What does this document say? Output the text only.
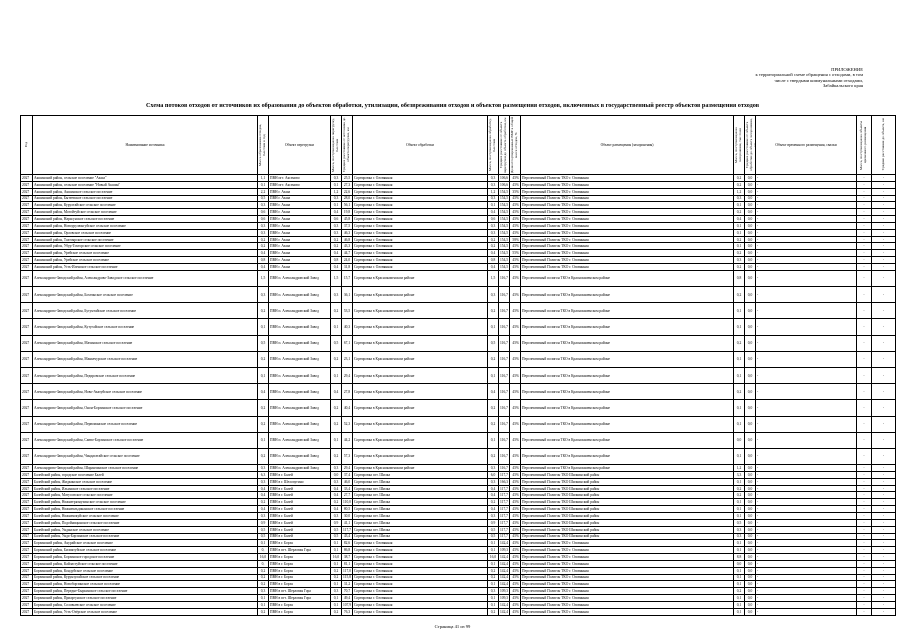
ПРИЛОЖЕНИЕ
к территориальной схеме обращения с отходами, в том
числе с твердыми коммунальными отходами,
Забайкальского края
Схема потоков отходов от источников их образования до объектов обработки, утилизации, обезвреживания отходов и объектов размещения отходов, включенных в государственный реестр объектов размещения отходов
Год	Наименование источника	Масса образования отходов, тыс.тонн в год	Объект перегрузки	Масса, поступающая на перегрузку, тыс.тонн	Среднее расстояние от источника до объекта перегрузки, км	Объект обработки	Масса, поступающая на обработку, тыс.тонн	Среднее расстояние от объекта перегрузки до объекта обработки, км	Доля отсортированных ВМР в общей массе отходов, %	Объект размещения (захоронения)	Масса, поступающая на захоронение, тыс.тонн	Среднее расстояние от объекта обработки до объекта захоронения, км	Объект временного размещения, свалки	Масса, поступающая на объекты временного размещения	Среднее расстояние до объекта, км
2027	Акшинский район, сельское поселение "Акша"	1,1	ПВН пгт. Аксеново	0,3	25,5	Сортировка г. Оловянная	0,3	106,6	45%	Перспективный Полигон ТКО г. Оловянная	0,2	0,0	-	-	-
2027	Акшинский район, сельское поселение "Новый Акшин"	0,1	ПВН пгт. Аксеново	0,1	27,3	Сортировка г. Оловянная	0,3	106,6	45%	Перспективный Полигон ТКО г. Оловянная	0,2	0,0	-	-	-
2027	Акшинский район, Акшинское сельское поселение	2,2	ПВН г. Акша	1,2	22,6	Сортировка г. Оловянная	1,2	154,5	35%	Перспективный Полигон ТКО г. Оловянная	1,2	0,0	-	-	-
2027	Акшинский район, Бытеевское сельское поселение	0,5	ПВН г. Акша	0,3	28,0	Сортировка г. Оловянная	0,3	154,5	45%	Перспективный Полигон ТКО г. Оловянная	0,3	0,0	-	-	-
2027	Акшинский район, Курултайское сельское поселение	0,3	ПВН г. Акша	0,1	56,1	Сортировка г. Оловянная	0,1	154,5	45%	Перспективный Полигон ТКО г. Оловянная	0,1	0,0	-	-	-
2027	Акшинский район, Могойтуйское сельское поселение	0,6	ПВН г. Акша	0,4	19,8	Сортировка г. Оловянная	0,4	154,5	45%	Перспективный Полигон ТКО г. Оловянная	0,2	0,0	-	-	-
2027	Акшинский район, Нарасунское сельское поселение	0,6	ПВН г. Акша	0,6	45,8	Сортировка г. Оловянная	0,6	154,5	45%	Перспективный Полигон ТКО г. Оловянная	0,4	0,0	-	-	-
2027	Акшинский район, Новоурулюнгуйское сельское поселение	0,3	ПВН г. Акша	0,3	37,5	Сортировка г. Оловянная	0,3	154,5	45%	Перспективный Полигон ТКО г. Оловянная	0,1	0,0	-	-	-
2027	Акшинский район, Орловское сельское поселение	0,3	ПВН г. Акша	0,3	46,3	Сортировка г. Оловянная	0,3	154,5	45%	Перспективный Полигон ТКО г. Оловянная	0,1	0,0	-	-	-
2027	Акшинский район, Тахтоярское сельское поселение	0,2	ПВН г. Акша	0,2	46,8	Сортировка г. Оловянная	0,2	154,5	58%	Перспективный Полигон ТКО г. Оловянная	0,2	0,0	-	-	-
2027	Акшинский район, Убур-Тохторское сельское поселение	0,2	ПВН г. Акша	0,2	43,3	Сортировка г. Оловянная	0,2	154,5	45%	Перспективный Полигон ТКО г. Оловянная	0,1	0,0	-	-	-
2027	Акшинский район, Урейское сельское поселение	0,4	ПВН г. Акша	0,4	44,7	Сортировка г. Оловянная	0,4	154,5	55%	Перспективный Полигон ТКО г. Оловянная	0,2	0,0	-	-	-
2027	Акшинский район, Урейское сельское поселение	0,8	ПВН г. Акша	0,8	24,0	Сортировка г. Оловянная	0,8	154,5	45%	Перспективный Полигон ТКО г. Оловянная	0,3	0,0	-	-	-
2027	Акшинский район, Усть-Иленское сельское поселение	0,4	ПВН г. Акша	0,4	31,8	Сортировка г. Оловянная	0,4	154,5	45%	Перспективный Полигон ТКО г. Оловянная	0,2	0,0	-	-	-
2027	Александрово-Заводский район, Александрово-Заводское сельское поселение	1,5	ПВН п. Александровский Завод	1,5	15,7	Сортировка в Краснокаменском районе	1,5	116,7	45%	Перспективный полигон ТКО в Краснокаменском районе	0,8	0,0	-	-	-
2027	Александрово-Заводский район, Бохтинское сельское поселение	0,3	ПВН п. Александровский Завод	0,3	36,1	Сортировка в Краснокаменском районе	0,3	116,7	45%	Перспективный полигон ТКО в Краснокаменском районе	0,2	0,0	-	-	-
2027	Александрово-Заводский район, Бутунтайское сельское поселение	0,2	ПВН п. Александровский Завод	0,2	53,5	Сортировка в Краснокаменском районе	0,2	116,7	45%	Перспективный полигон ТКО в Краснокаменском районе	0,1	0,0	-	-	-
2027	Александрово-Заводский район, Кутугайское сельское поселение	0,1	ПВН п. Александровский Завод	0,1	40,3	Сортировка в Краснокаменском районе	0,1	116,7	45%	Перспективный полигон ТКО в Краснокаменском районе	0,1	0,0	-	-	-
2027	Александрово-Заводский район, Мачинское сельское поселение	0,5	ПВН п. Александровский Завод	0,5	67,1	Сортировка в Краснокаменском районе	0,5	116,7	45%	Перспективный полигон ТКО в Краснокаменском районе	0,2	0,0	-	-	-
2027	Александрово-Заводский район, Манкечурское сельское поселение	0,2	ПВН п. Александровский Завод	0,2	23,1	Сортировка в Краснокаменском районе	0,2	116,7	45%	Перспективный полигон ТКО в Краснокаменском районе	0,1	0,0	-	-	-
2027	Александрово-Заводский район, Педировское сельское поселение	0,1	ПВН п. Александровский Завод	0,1	29,4	Сортировка в Краснокаменском районе	0,1	116,7	45%	Перспективный полигон ТКО в Краснокаменском районе	0,1	0,0	-	-	-
2027	Александрово-Заводский район, Ново-Акатуйское сельское поселение	0,4	ПВН п. Александровский Завод	0,4	27,8	Сортировка в Краснокаменском районе	0,4	116,7	45%	Перспективный полигон ТКО в Краснокаменском районе	0,2	0,0	-	-	-
2027	Александрово-Заводский район, Онон-Борзинское сельское поселение	0,2	ПВН п. Александровский Завод	0,2	40,4	Сортировка в Краснокаменском районе	0,2	116,7	45%	Перспективный полигон ТКО в Краснокаменском районе	0,1	0,0	-	-	-
2027	Александрово-Заводский район, Первоманское сельское поселение	0,2	ПВН п. Александровский Завод	0,2	52,3	Сортировка в Краснокаменском районе	0,2	116,7	45%	Перспективный полигон ТКО в Краснокаменском районе	0,1	0,0	-	-	-
2027	Александрово-Заводский район, Савво-Борзинское сельское поселение	0,1	ПВН п. Александровский Завод	0,1	44,2	Сортировка в Краснокаменском районе	0,1	116,7	45%	Перспективный полигон ТКО в Краснокаменском районе	0,0	0,0	-	-	-
2027	Александрово-Заводский район, Чиндагатайское сельское поселение	0,2	ПВН п. Александровский Завод	0,2	57,3	Сортировка в Краснокаменском районе	0,2	116,7	45%	Перспективный полигон ТКО в Краснокаменском районе	0,1	0,0	-	-	-
2027	Александрово-Заводский район, Шаранчинское сельское поселение	0,3	ПВН п. Александровский Завод	0,3	29,4	Сортировка в Краснокаменском районе	0,3	116,7	45%	Перспективный полигон ТКО в Краснокаменском районе	1,2	0,0	-	-	-
2027	Балейский район, городское поселение Балей	6,3	ПВН в г. Балей	0,0	37,4	Сортировка пгт. Шилка	6,0	117,7	45%	Перспективный Полигон ТКО Шилкинский район	3,3	0,0	-	-	-
2027	Балейский район, Жидкинское сельское поселение	0,3	ПВН в г. Шелопугино	0,3	46,0	Сортировка пгт. Шилка	0,3	166,3	45%	Перспективный Полигон ТКО Шилкинский район	0,1	0,0	-	-	-
2027	Балейский район, Ильинское сельское поселение	0,4	ПВН в г. Балей	0,4	33,4	Сортировка пгт. Шилка	0,4	117,7	45%	Перспективный Полигон ТКО Шилкинский район	0,2	0,0	-	-	-
2027	Балейский район, Матусовское сельское поселение	0,4	ПВН в г. Балей	0,4	27,7	Сортировка пгт. Шилка	0,4	117,7	45%	Перспективный Полигон ТКО Шилкинский район	0,2	0,0	-	-	-
2027	Балейский район, Нижнегрязнухинское сельское поселение	0,2	ПВН в г. Балей	0,2	110,0	Сортировка пгт. Шилка	0,2	117,7	45%	Перспективный Полигон ТКО Шилкинский район	0,1	0,0	-	-	-
2027	Балейский район, Нижнеильдиканское сельское поселение	0,4	ПВН в г. Балей	0,4	80,5	Сортировка пгт. Шилка	0,4	117,7	45%	Перспективный Полигон ТКО Шилкинский район	0,1	0,0	-	-	-
2027	Балейский район, Нижнекокуйское сельское поселение	0,3	ПВН в г. Балей	0,3	30,0	Сортировка пгт. Шилка	0,3	117,7	45%	Перспективный Полигон ТКО Шилкинский район	0,1	0,0	-	-	-
2027	Балейский район, Подойницынское сельское поселение	0,9	ПВН в г. Балей	0,9	41,1	Сортировка пгт. Шилка	0,9	117,7	45%	Перспективный Полигон ТКО Шилкинский район	0,5	0,0	-	-	-
2027	Балейский район, Унданское сельское поселение	0,5	ПВН в г. Балей	0,5	117,7	Сортировка пгт. Шилка	0,5	117,7	45%	Перспективный Полигон ТКО Шилкинский район	0,3	0,0	-	-	-
2027	Балейский район, Унда-Борзинское сельское поселение	0,5	ПВН в г. Балей	0,5	43,4	Сортировка пгт. Шилка	0,5	117,7	45%	Перспективный Полигон ТКО Шилкинский район	0,3	0,0	-	-	-
2027	Борзинский район, Акурайское сельское поселение	0,1	ПВН в г. Борзя	0,1	82,6	Сортировка г. Оловянная	0,1	142,4	45%	Перспективный Полигон ТКО г. Оловянная	0,1	0,0	-	-	-
2027	Борзинский район, Биликтуйское сельское поселение	0,	ПВН в пгт. Шерловая Гора	0,1	86,8	Сортировка г. Оловянная	0,1	109,3	45%	Перспективный Полигон ТКО г. Оловянная	0,1	0,0	-	-	-
2027	Борзинский район, Борзинское городское поселение	16,0	ПВН в г. Борзя	16,0	38,7	Сортировка г. Оловянная	16,0	142,4	45%	Перспективный Полигон ТКО г. Оловянная	8,8	0,0	-	-	-
2027	Борзинский район, Кайластуйское сельское поселение	0,	ПВН в г. Борзя	0,1	81,1	Сортировка г. Оловянная	0,1	142,4	45%	Перспективный Полигон ТКО г. Оловянная	0,0	0,0	-	-	-
2027	Борзинский район, Кондуйское сельское поселение	0,2	ПВН в г. Борзя	0,2	117,0	Сортировка г. Оловянная	0,2	142,4	45%	Перспективный Полигон ТКО г. Оловянная	0,1	0,0	-	-	-
2027	Борзинский район, Курунзулайское сельское поселение	0,2	ПВН в г. Борзя	0,2	115,8	Сортировка г. Оловянная	0,2	142,4	45%	Перспективный Полигон ТКО г. Оловянная	0,1	0,0	-	-	-
2027	Борзинский район, Новоборзинское сельское поселение	0,2	ПВН в г. Борзя	0,1	31,2	Сортировка г. Оловянная	0,1	142,4	45%	Перспективный Полигон ТКО г. Оловянная	0,1	0,0	-	-	-
2027	Борзинский район, Передне-Быркинское сельское поселение	0,3	ПВН в пгт. Шерловая Гора	0,3	70,7	Сортировка г. Оловянная	0,3	109,3	45%	Перспективный Полигон ТКО г. Оловянная	0,2	0,0	-	-	-
2027	Борзинский район, Приаргунское сельское поселение	0,1	ПВН в пгт. Шерловая Гора	0,1	49,4	Сортировка г. Оловянная	0,1	109,3	45%	Перспективный Полигон ТКО г. Оловянная	0,1	0,0	-	-	-
2027	Борзинский район, Соловьевское сельское поселение	0,1	ПВН в г. Борзя	0,1	107,9	Сортировка г. Оловянная	0,1	142,4	45%	Перспективный Полигон ТКО г. Оловянная	0,1	0,0	-	-	-
2027	Борзинский район, Усть-Озёрское сельское поселение	0,2	ПВН в г. Борзя	0,2	76,3	Сортировка г. Оловянная	0,2	142,4	45%	Перспективный Полигон ТКО г. Оловянная	0,1	0,0	-	-	-
Страница 41 из 99
